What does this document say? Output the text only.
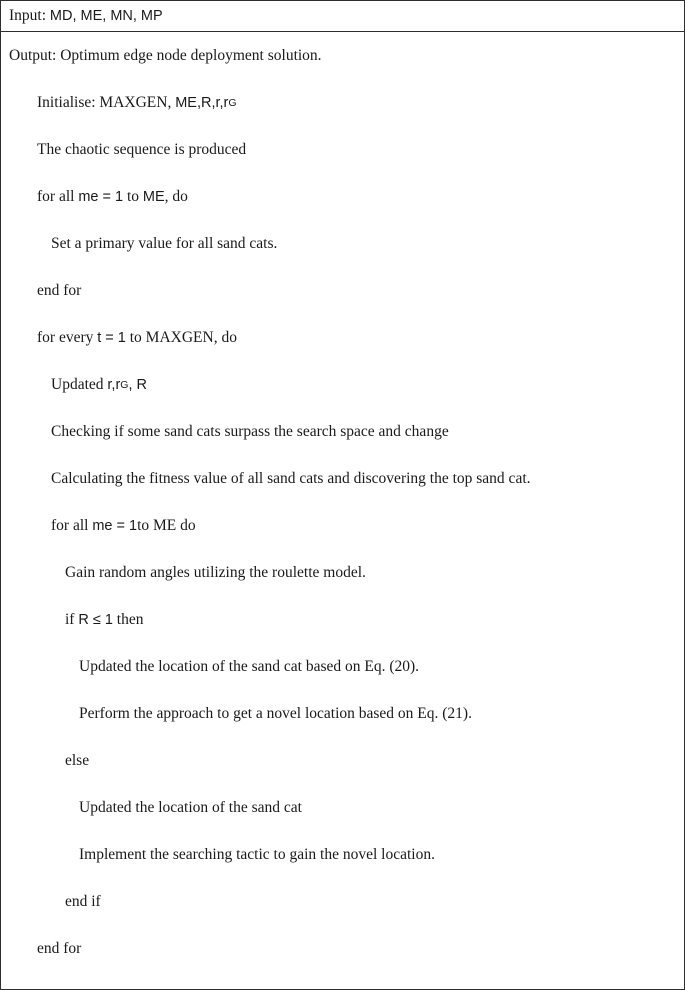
Input: MD, ME, MN, MP
Output: Optimum edge node deployment solution.
Initialise: MAXGEN, ME,R,r,r G
The chaotic sequence is produced
for all me = 1 to ME , do
Set a primary value for all sand cats.
end for
for every t = 1 to MAXGEN, do
Updated r,r G , R
Checking if some sand cats surpass the search space and change
Calculating the fitness value of all sand cats and discovering the top sand cat.
for all me = 1 to ME do
Gain random angles utilizing the roulette model.
if R ≤ 1 then
Updated the location of the sand cat based on Eq. (20).
Perform the approach to get a novel location based on Eq. (21).
else
Updated the location of the sand cat
Implement the searching tactic to gain the novel location.
end if
end for
